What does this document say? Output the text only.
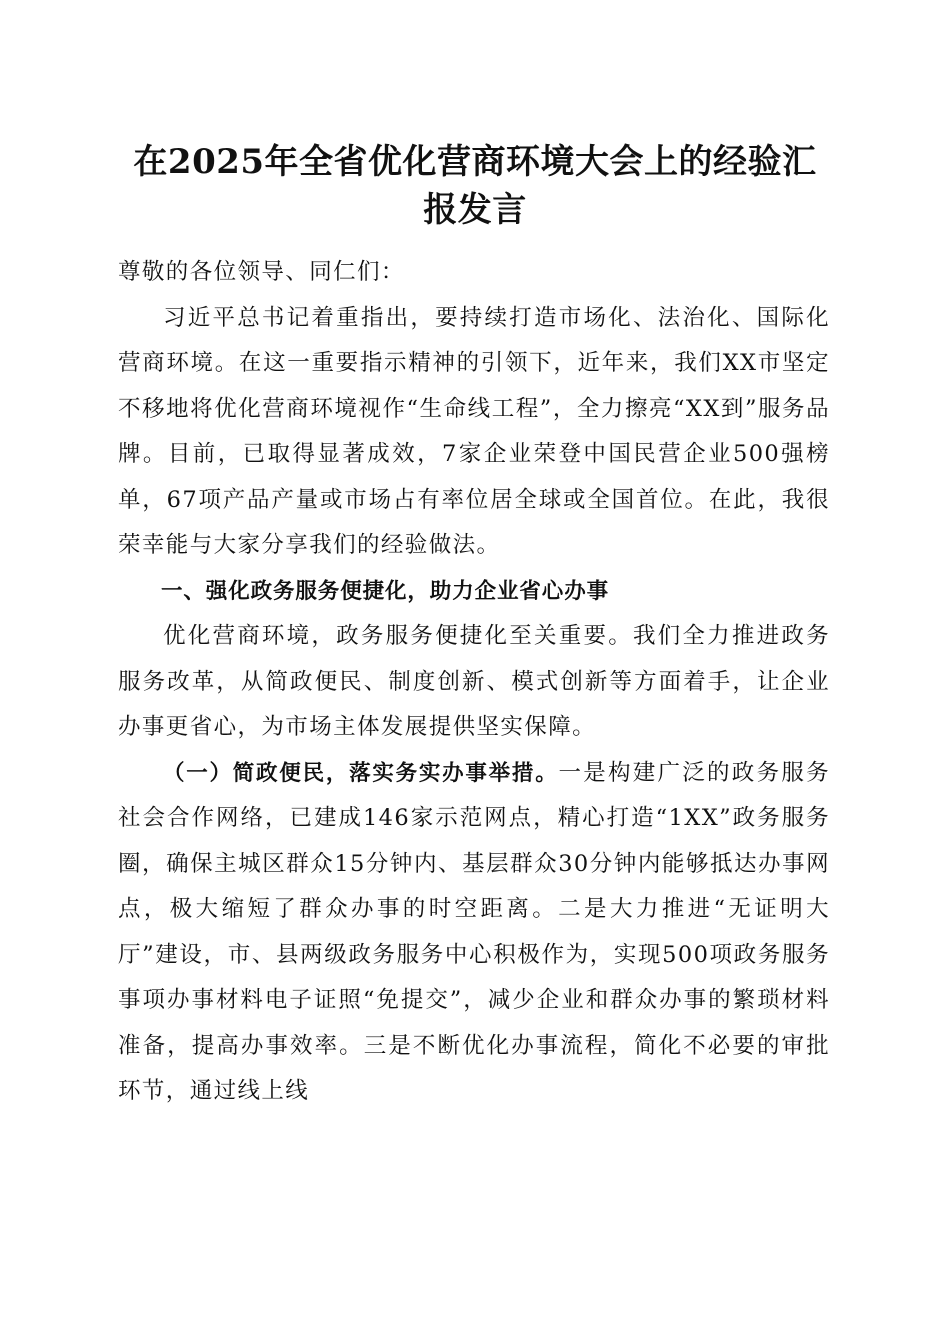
在2025年全省优化营商环境大会上的经验汇
报发言

尊敬的各位领导、同仁们：

习近平总书记着重指出，要持续打造市场化、法治化、国际化营商环境。在这一重要指示精神的引领下，近年来，我们XX市坚定不移地将优化营商环境视作“生命线工程”，全力擦亮“XX到”服务品牌。目前，已取得显著成效，7家企业荣登中国民营企业500强榜单，67项产品产量或市场占有率位居全球或全国首位。在此，我很荣幸能与大家分享我们的经验做法。

一、强化政务服务便捷化，助力企业省心办事

优化营商环境，政务服务便捷化至关重要。我们全力推进政务服务改革，从简政便民、制度创新、模式创新等方面着手，让企业办事更省心，为市场主体发展提供坚实保障。

（一）简政便民，落实务实办事举措。一是构建广泛的政务服务社会合作网络，已建成146家示范网点，精心打造“1XX”政务服务圈，确保主城区群众15分钟内、基层群众30分钟内能够抵达办事网点，极大缩短了群众办事的时空距离。二是大力推进“无证明大厅”建设，市、县两级政务服务中心积极作为，实现500项政务服务事项办事材料电子证照“免提交”，减少企业和群众办事的繁琐材料准备，提高办事效率。三是不断优化办事流程，简化不必要的审批环节，通过线上线
